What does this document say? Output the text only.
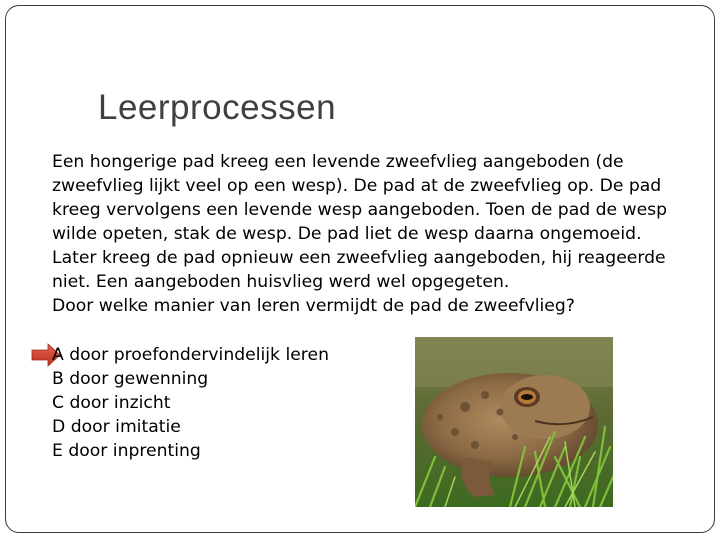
Leerprocessen

Een hongerige pad kreeg een levende zweefvlieg aangeboden (de

zweefvlieg lijkt veel op een wesp). De pad at de zweefvlieg op. De pad

kreeg vervolgens een levende wesp aangeboden. Toen de pad de wesp

wilde opeten, stak de wesp. De pad liet de wesp daarna ongemoeid.

Later kreeg de pad opnieuw een zweefvlieg aangeboden, hij reageerde

niet. Een aangeboden huisvlieg werd wel opgegeten.

Door welke manier van leren vermijdt de pad de zweefvlieg?

A door proefondervindelijk leren
B door gewenning
C door inzicht
D door imitatie
E door inprenting
